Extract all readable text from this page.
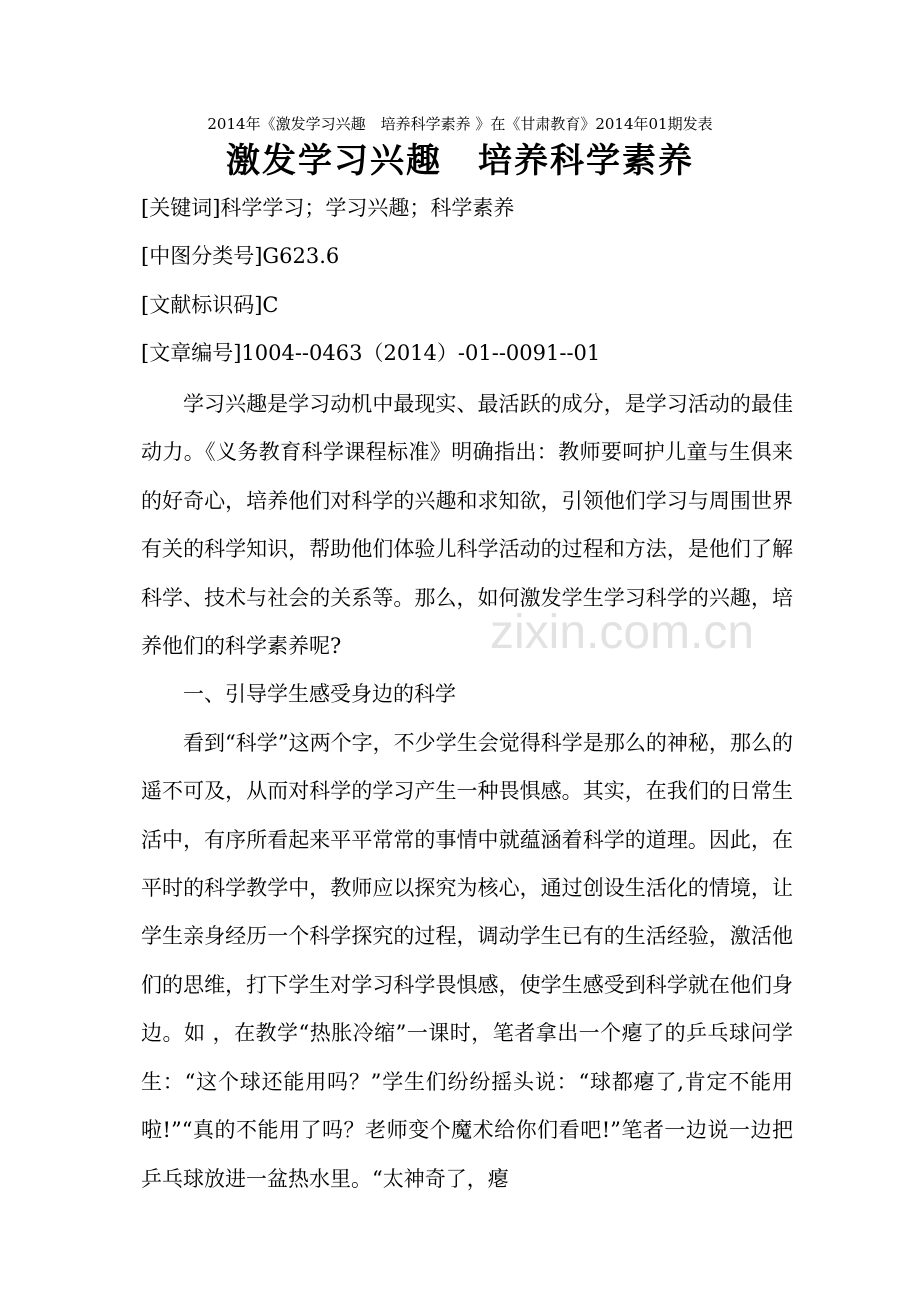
2014年《激发学习兴趣　培养科学素养 》在《甘肃教育》2014年01期发表
激发学习兴趣　培养科学素养
[关键词]科学学习；学习兴趣；科学素养
[中图分类号]G623.6
[文献标识码]C
[文章编号]1004--0463（2014）-01--0091--01

学习兴趣是学习动机中最现实、最活跃的成分，是学习活动的最佳动力。《义务教育科学课程标准》明确指出：教师要呵护儿童与生俱来的好奇心，培养他们对科学的兴趣和求知欲，引领他们学习与周围世界有关的科学知识，帮助他们体验儿科学活动的过程和方法，是他们了解科学、技术与社会的关系等。那么，如何激发学生学习科学的兴趣，培养他们的科学素养呢?

一、引导学生感受身边的科学

看到“科学”这两个字，不少学生会觉得科学是那么的神秘，那么的遥不可及，从而对科学的学习产生一种畏惧感。其实，在我们的日常生活中，有序所看起来平平常常的事情中就蕴涵着科学的道理。因此，在平时的科学教学中，教师应以探究为核心，通过创设生活化的情境，让学生亲身经历一个科学探究的过程，调动学生已有的生活经验，激活他们的思维，打下学生对学习科学畏惧感，使学生感受到科学就在他们身边。如 ，在教学“热胀冷缩”一课时，笔者拿出一个瘪了的乒乓球问学生：“这个球还能用吗？”学生们纷纷摇头说：“球都瘪了,肯定不能用啦!”“真的不能用了吗？老师变个魔术给你们看吧!”笔者一边说一边把乒乓球放进一盆热水里。“太神奇了，瘪

zixin.com.cn
